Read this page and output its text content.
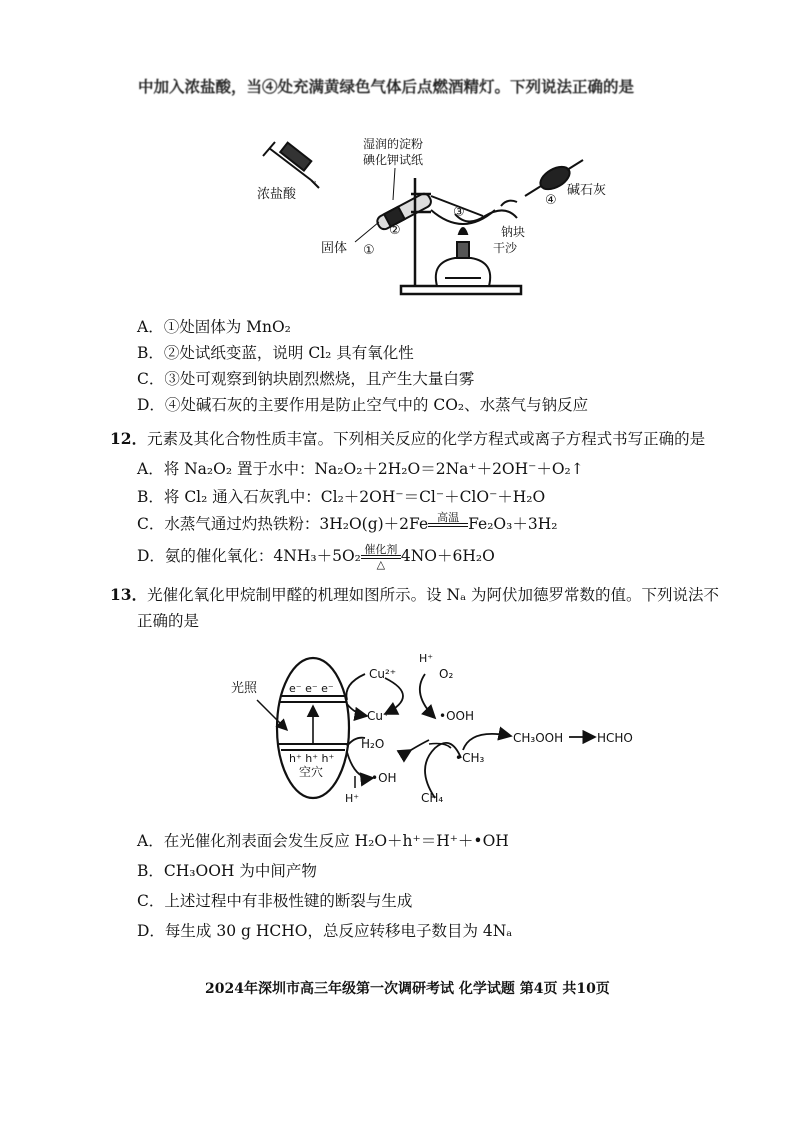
中加入浓盐酸，当④处充满黄绿色气体后点燃酒精灯。下列说法正确的是
浓盐酸
ﾞ
湿润的淀粉
碘化钾试纸
①
固体
②
③
钠块
干沙
④
碱石灰
A．①处固体为 MnO₂
B．②处试纸变蓝，说明 Cl₂ 具有氧化性
C．③处可观察到钠块剧烈燃烧，且产生大量白雾
D．④处碱石灰的主要作用是防止空气中的 CO₂、水蒸气与钠反应
12．元素及其化合物性质丰富。下列相关反应的化学方程式或离子方程式书写正确的是
A．将 Na₂O₂ 置于水中：Na₂O₂＋2H₂O＝2Na⁺＋2OH⁻＋O₂↑
B．将 Cl₂ 通入石灰乳中：Cl₂＋2OH⁻＝Cl⁻＋ClO⁻＋H₂O
C．水蒸气通过灼热铁粉：3H₂O(g)＋2Fe 高温
Fe₂O₃＋3H₂
D．氨的催化氧化：4NH₃＋5O₂ 催化剂
△	4NO＋6H₂O
13．光催化氧化甲烷制甲醛的机理如图所示。设 Nₐ 为阿伏加德罗常数的值。下列说法不
正确的是
e⁻ e⁻ e⁻
h⁺ h⁺ h⁺
空穴
光照
Cu²⁺
Cu⁺
H⁺
O₂
•OOH
H₂O
•OH
H⁺	CH₄
•CH₃
CH₃OOH	HCHO
A．在光催化剂表面会发生反应 H₂O＋h⁺＝H⁺＋•OH
B．CH₃OOH 为中间产物
C．上述过程中有非极性键的断裂与生成
D．每生成 30 g HCHO，总反应转移电子数目为 4Nₐ
2024年深圳市高三年级第一次调研考试 化学试题 第4页 共10页
